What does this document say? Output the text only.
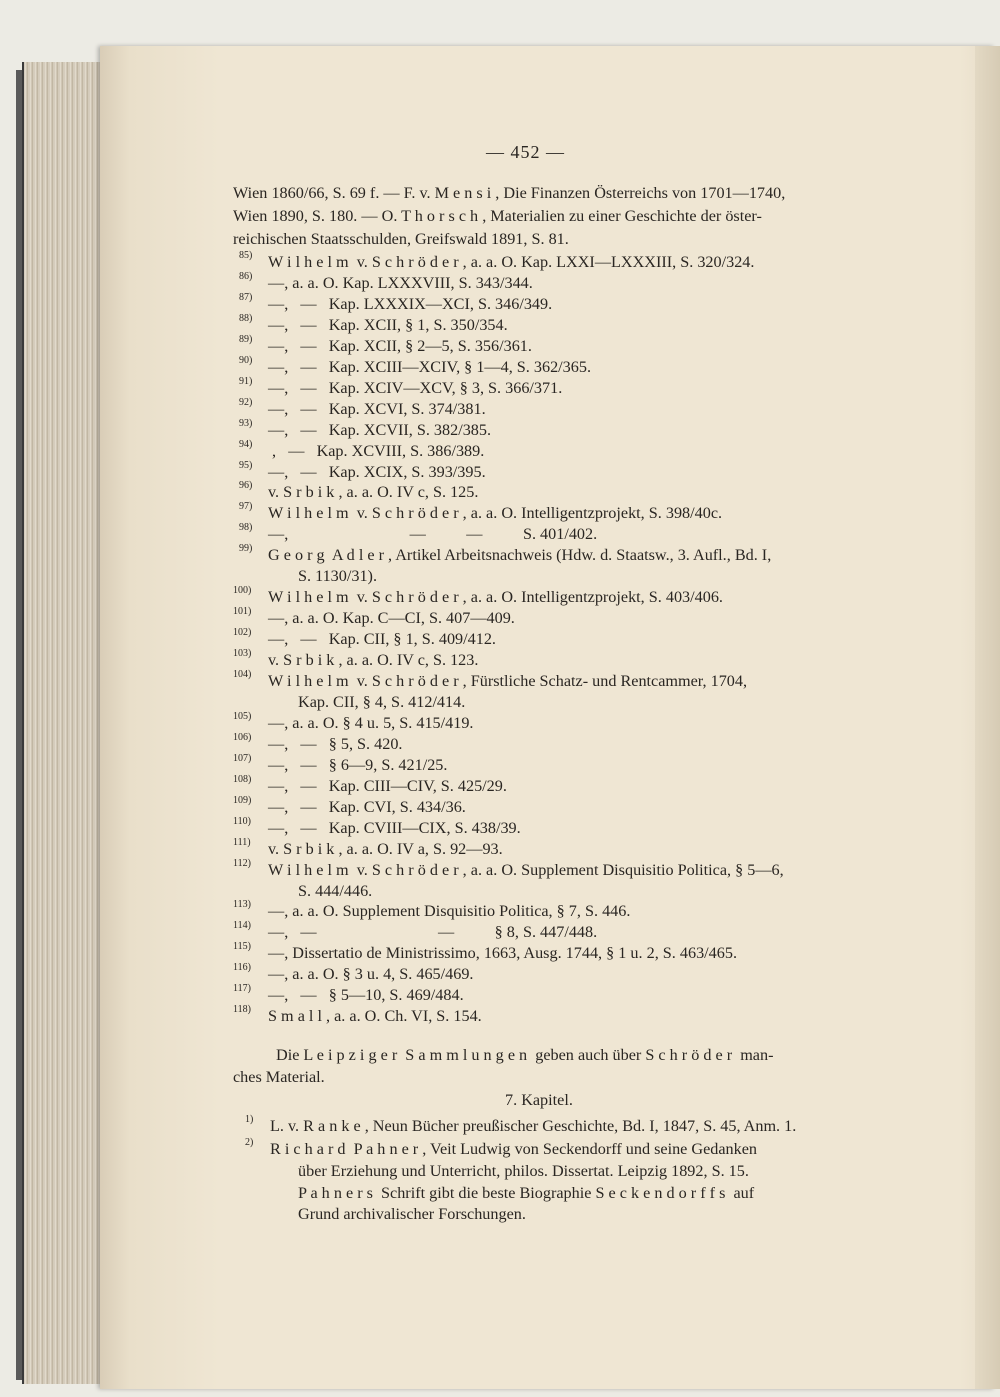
— 452 —
Wien 1860/66, S. 69 f. — F. v. M e n s i , Die Finanzen Österreichs von 1701—1740,
Wien 1890, S. 180. — O. T h o r s c h , Materialien zu einer Geschichte der öster-
reichischen Staatsschulden, Greifswald 1891, S. 81.
85) W i l h e l m  v. S c h r ö d e r , a. a. O. Kap. LXXI—LXXXIII, S. 320/324.
86) —, a. a. O. Kap. LXXXVIII, S. 343/344.
87) —,   —   Kap. LXXXIX—XCI, S. 346/349.
88) —,   —   Kap. XCII, § 1, S. 350/354.
89) —,   —   Kap. XCII, § 2—5, S. 356/361.
90) —,   —   Kap. XCIII—XCIV, § 1—4, S. 362/365.
91) —,   —   Kap. XCIV—XCV, § 3, S. 366/371.
92) —,   —   Kap. XCVI, S. 374/381.
93) —,   —   Kap. XCVII, S. 382/385.
94) ,   —   Kap. XCVIII, S. 386/389.
95) —,   —   Kap. XCIX, S. 393/395.
96) v. S r b i k , a. a. O. IV c, S. 125.
97) W i l h e l m  v. S c h r ö d e r , a. a. O. Intelligentzprojekt, S. 398/40c.
98) —,                              —          —          S. 401/402.
99) G e o r g  A d l e r , Artikel Arbeitsnachweis (Hdw. d. Staatsw., 3. Aufl., Bd. I,
S. 1130/31).
100) W i l h e l m  v. S c h r ö d e r , a. a. O. Intelligentzprojekt, S. 403/406.
101) —, a. a. O. Kap. C—CI, S. 407—409.
102) —,   —   Kap. CII, § 1, S. 409/412.
103) v. S r b i k , a. a. O. IV c, S. 123.
104) W i l h e l m  v. S c h r ö d e r , Fürstliche Schatz- und Rentcammer, 1704,
Kap. CII, § 4, S. 412/414.
105) —, a. a. O. § 4 u. 5, S. 415/419.
106) —,   —   § 5, S. 420.
107) —,   —   § 6—9, S. 421/25.
108) —,   —   Kap. CIII—CIV, S. 425/29.
109) —,   —   Kap. CVI, S. 434/36.
110) —,   —   Kap. CVIII—CIX, S. 438/39.
111) v. S r b i k , a. a. O. IV a, S. 92—93.
112) W i l h e l m  v. S c h r ö d e r , a. a. O. Supplement Disquisitio Politica, § 5—6,
S. 444/446.
113) —, a. a. O. Supplement Disquisitio Politica, § 7, S. 446.
114) —,   —                              —          § 8, S. 447/448.
115) —, Dissertatio de Ministrissimo, 1663, Ausg. 1744, § 1 u. 2, S. 463/465.
116) —, a. a. O. § 3 u. 4, S. 465/469.
117) —,   —   § 5—10, S. 469/484.
118) S m a l l , a. a. O. Ch. VI, S. 154.
Die L e i p z i g e r  S a m m l u n g e n  geben auch über S c h r ö d e r  man-
ches Material.
7. Kapitel.
1) L. v. R a n k e , Neun Bücher preußischer Geschichte, Bd. I, 1847, S. 45, Anm. 1.
2) R i c h a r d  P a h n e r , Veit Ludwig von Seckendorff und seine Gedanken
über Erziehung und Unterricht, philos. Dissertat. Leipzig 1892, S. 15.
P a h n e r s  Schrift gibt die beste Biographie S e c k e n d o r f f s  auf
Grund archivalischer Forschungen.
